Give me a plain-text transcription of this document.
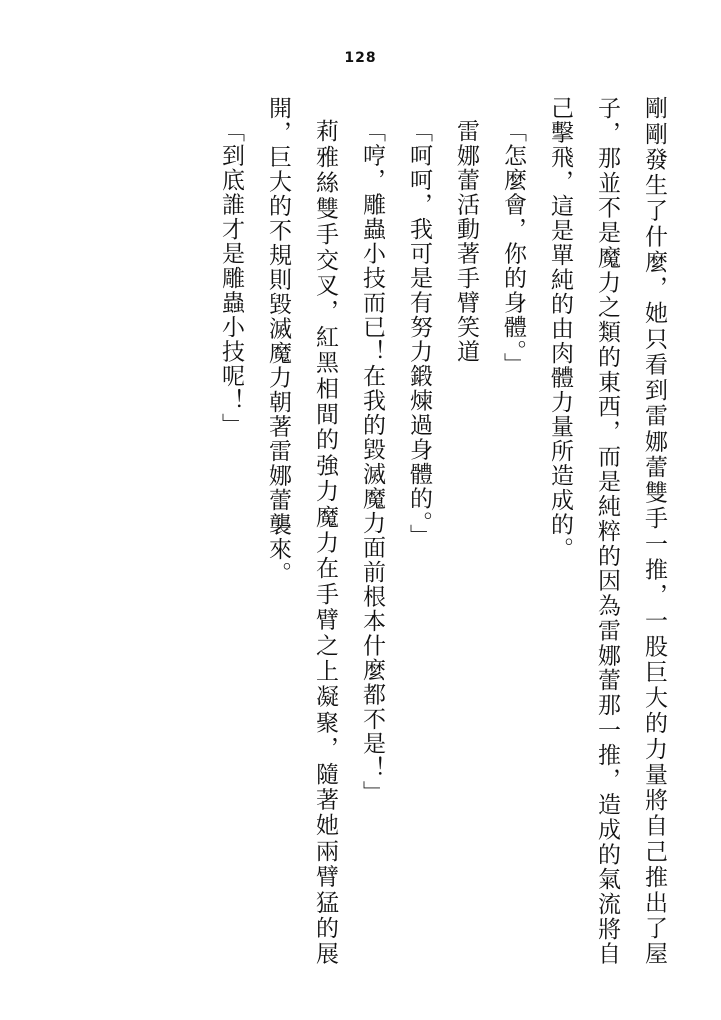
128

剛剛發生了什麼，她只看到雷娜蕾雙手一推，一股巨大的力量將自己推出了屋子，那並不是魔力之類的東西，而是純粹的因為雷娜蕾那一推，造成的氣流將自己擊飛，這是單純的由肉體力量所造成的。

「怎麼會，你的身體。」

雷娜蕾活動著手臂笑道

「呵呵，我可是有努力鍛煉過身體的。」

「哼，雕蟲小技而已！在我的毀滅魔力面前根本什麼都不是！」

莉雅絲雙手交叉，紅黑相間的強力魔力在手臂之上凝聚，隨著她兩臂猛的展開，巨大的不規則毀滅魔力朝著雷娜蕾襲來。

「到底誰才是雕蟲小技呢！」
